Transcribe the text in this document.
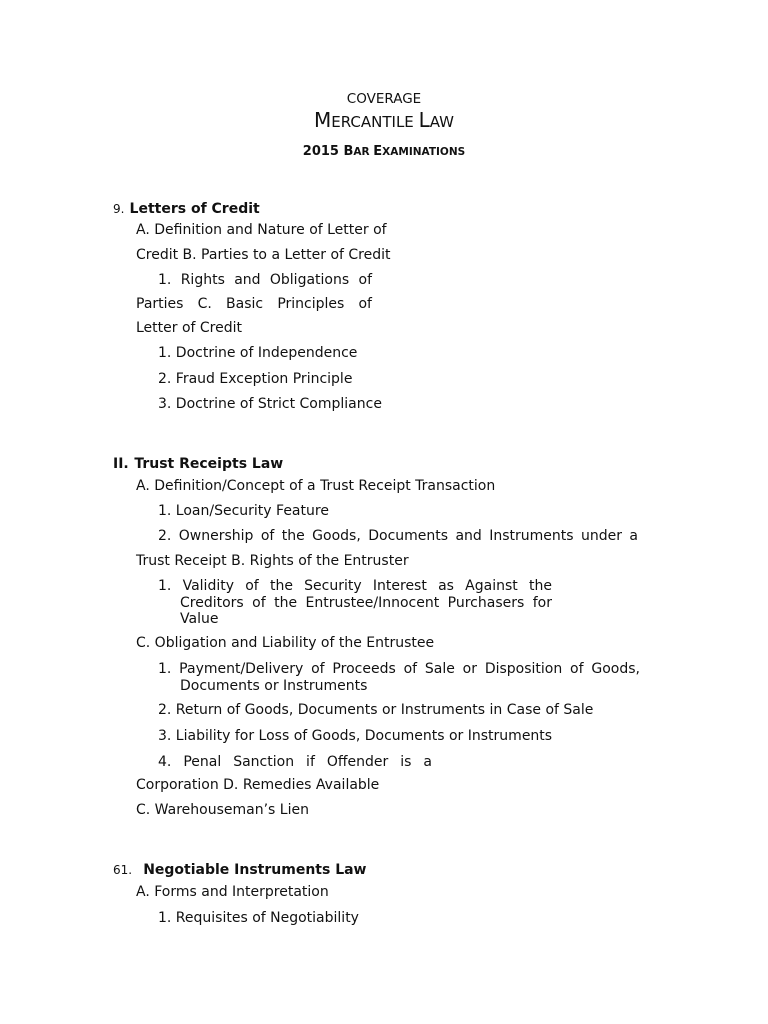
COVERAGE
MERCANTILE LAW
2015 BAR EXAMINATIONS
9. Letters of Credit
A. Definition and Nature of Letter of
Credit B. Parties to a Letter of Credit
1. Rights and Obligations of
Parties C. Basic Principles of
Letter of Credit
1. Doctrine of Independence
2. Fraud Exception Principle
3. Doctrine of Strict Compliance
II. Trust Receipts Law
A. Definition/Concept of a Trust Receipt Transaction
1. Loan/Security Feature
2. Ownership of the Goods, Documents and Instruments under a
Trust Receipt B. Rights of the Entruster
1. Validity of the Security Interest as Against the
Creditors of the Entrustee/Innocent Purchasers for
Value
C. Obligation and Liability of the Entrustee
1. Payment/Delivery of Proceeds of Sale or Disposition of Goods,
Documents or Instruments
2. Return of Goods, Documents or Instruments in Case of Sale
3. Liability for Loss of Goods, Documents or Instruments
4. Penal Sanction if Offender is a
Corporation D. Remedies Available
C. Warehouseman’s Lien
61. Negotiable Instruments Law
A. Forms and Interpretation
1. Requisites of Negotiability
